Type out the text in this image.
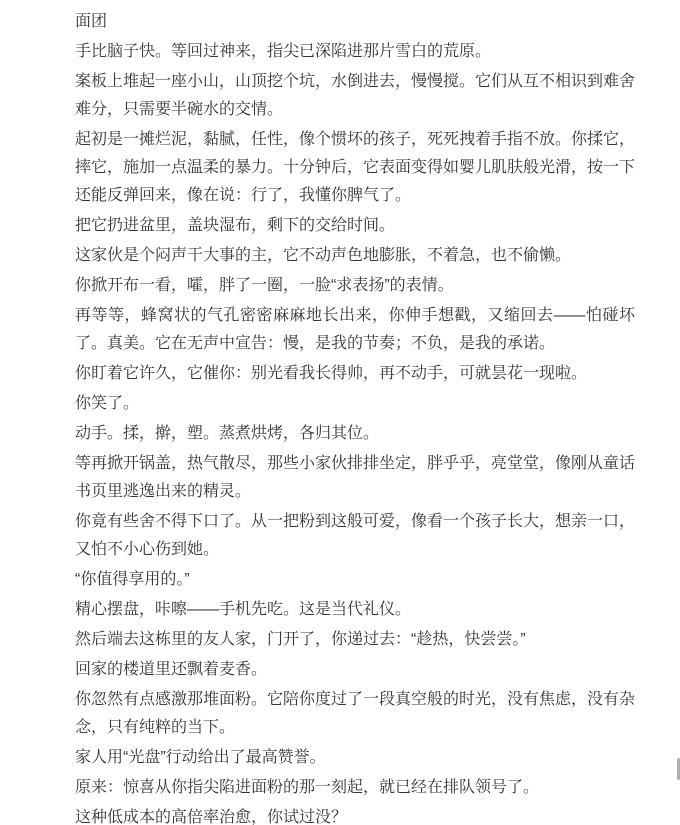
面团

手比脑子快。等回过神来，指尖已深陷进那片雪白的荒原。

案板上堆起一座小山，山顶挖个坑，水倒进去，慢慢搅。它们从互不相识到难舍难分，只需要半碗水的交情。

起初是一摊烂泥，黏腻，任性，像个惯坏的孩子，死死拽着手指不放。你揉它，摔它，施加一点温柔的暴力。十分钟后，它表面变得如婴儿肌肤般光滑，按一下还能反弹回来，像在说：行了，我懂你脾气了。

把它扔进盆里，盖块湿布，剩下的交给时间。

这家伙是个闷声干大事的主，它不动声色地膨胀，不着急，也不偷懒。

你掀开布一看，嚯，胖了一圈，一脸“求表扬”的表情。

再等等，蜂窝状的气孔密密麻麻地长出来，你伸手想戳，又缩回去——怕碰坏了。真美。它在无声中宣告：慢，是我的节奏；不负，是我的承诺。

你盯着它许久，它催你：别光看我长得帅，再不动手，可就昙花一现啦。

你笑了。

动手。揉，擀，塑。蒸煮烘烤，各归其位。

等再掀开锅盖，热气散尽，那些小家伙排排坐定，胖乎乎，亮堂堂，像刚从童话书页里逃逸出来的精灵。

你竟有些舍不得下口了。从一把粉到这般可爱，像看一个孩子长大，想亲一口，又怕不小心伤到她。

“你值得享用的。”

精心摆盘，咔嚓——手机先吃。这是当代礼仪。

然后端去这栋里的友人家，门开了，你递过去：“趁热，快尝尝。”

回家的楼道里还飘着麦香。

你忽然有点感激那堆面粉。它陪你度过了一段真空般的时光，没有焦虑，没有杂念，只有纯粹的当下。

家人用“光盘”行动给出了最高赞誉。

原来：惊喜从你指尖陷进面粉的那一刻起，就已经在排队领号了。

这种低成本的高倍率治愈，你试过没？
